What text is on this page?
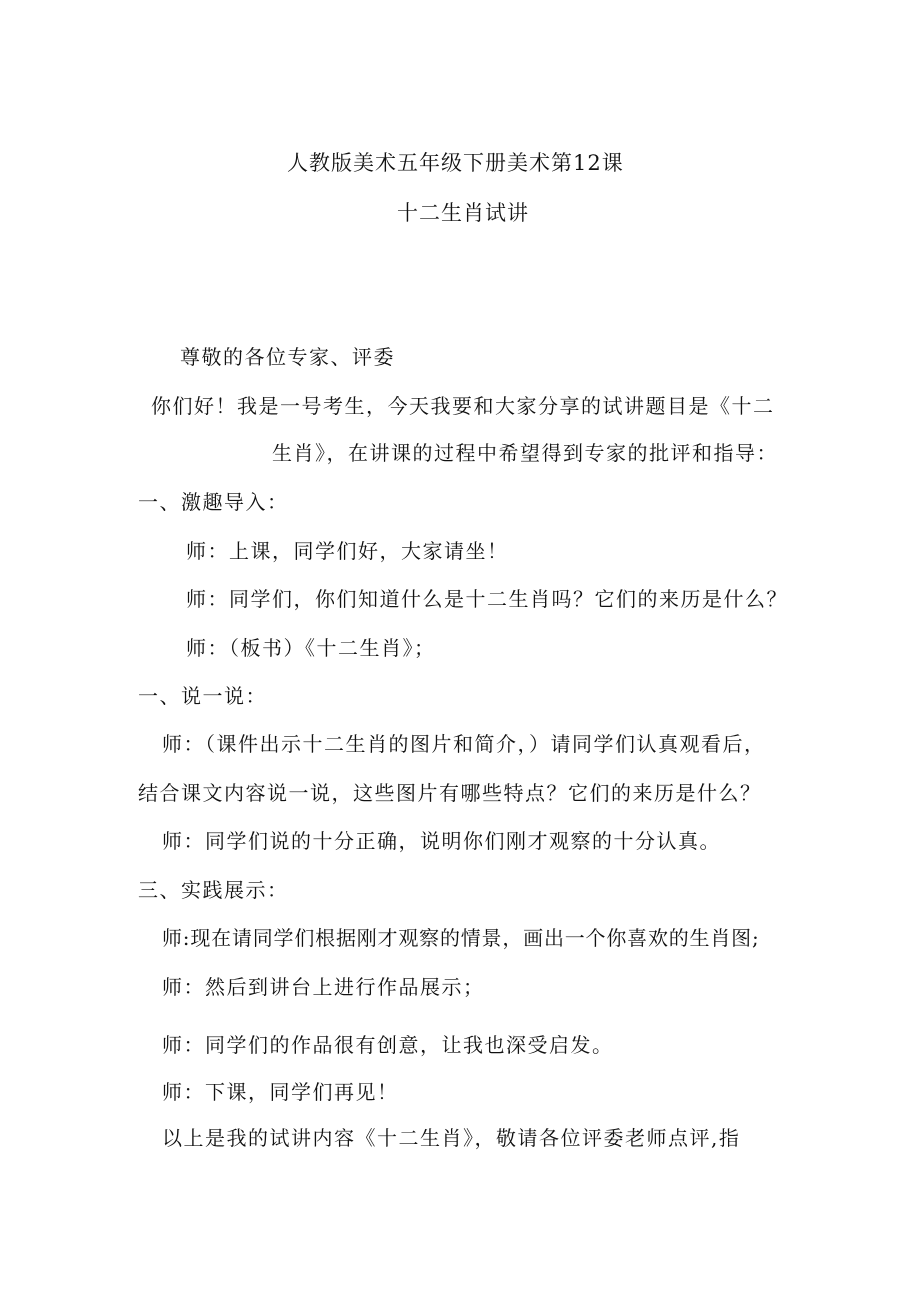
人教版美术五年级下册美术第12课
十二生肖试讲
尊敬的各位专家、评委
你们好！我是一号考生，今天我要和大家分享的试讲题目是《十二
生肖》，在讲课的过程中希望得到专家的批评和指导：
一、激趣导入：
师：上课，同学们好，大家请坐！
师：同学们，你们知道什么是十二生肖吗？它们的来历是什么？
师：（板书）《十二生肖》；
一、说一说：
师：（课件出示十二生肖的图片和简介，）请同学们认真观看后，
结合课文内容说一说，这些图片有哪些特点？它们的来历是什么？
师：同学们说的十分正确，说明你们刚才观察的十分认真。
三、实践展示：
师:现在请同学们根据刚才观察的情景，画出一个你喜欢的生肖图;
师：然后到讲台上进行作品展示；
师：同学们的作品很有创意，让我也深受启发。
师：下课，同学们再见！
以上是我的试讲内容《十二生肖》，敬请各位评委老师点评,指
